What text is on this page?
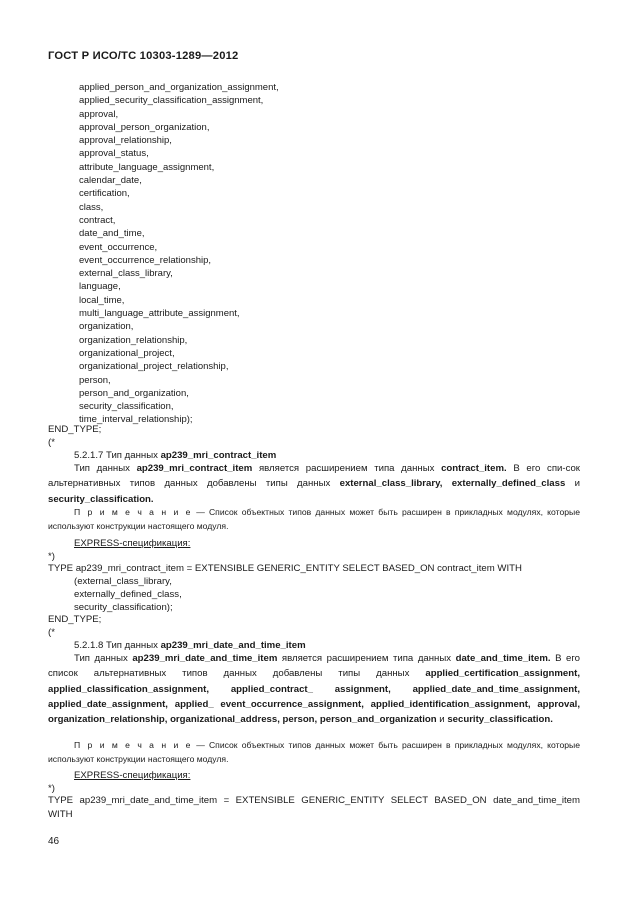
ГОСТ Р ИСО/ТС 10303-1289—2012
applied_person_and_organization_assignment,
applied_security_classification_assignment,
approval,
approval_person_organization,
approval_relationship,
approval_status,
attribute_language_assignment,
calendar_date,
certification,
class,
contract,
date_and_time,
event_occurrence,
event_occurrence_relationship,
external_class_library,
language,
local_time,
multi_language_attribute_assignment,
organization,
organization_relationship,
organizational_project,
organizational_project_relationship,
person,
person_and_organization,
security_classification,
time_interval_relationship);
END_TYPE;
(*
5.2.1.7 Тип данных ap239_mri_contract_item
Тип данных ap239_mri_contract_item является расширением типа данных contract_item. В его спи-сок альтернативных типов данных добавлены типы данных external_class_library, externally_defined_class и security_classification.
П р и м е ч а н и е — Список объектных типов данных может быть расширен в прикладных модулях, которые используют конструкции настоящего модуля.
EXPRESS-спецификация:
*)
TYPE ap239_mri_contract_item = EXTENSIBLE GENERIC_ENTITY SELECT BASED_ON contract_item WITH
(external_class_library,
externally_defined_class,
security_classification);
END_TYPE;
(*
5.2.1.8 Тип данных ap239_mri_date_and_time_item
Тип данных ap239_mri_date_and_time_item является расширением типа данных date_and_time_item. В его список альтернативных типов данных добавлены типы данных applied_certification_assignment, applied_classification_assignment, applied_contract_ assignment, applied_date_and_time_assignment, applied_date_assignment, applied_ event_occurrence_assignment, applied_identification_assignment, approval, organization_relationship, organizational_address, person, person_and_organization и security_classification.
П р и м е ч а н и е — Список объектных типов данных может быть расширен в прикладных модулях, которые используют конструкции настоящего модуля.
EXPRESS-спецификация:
*)
TYPE ap239_mri_date_and_time_item = EXTENSIBLE GENERIC_ENTITY SELECT BASED_ON date_and_time_item WITH
46
